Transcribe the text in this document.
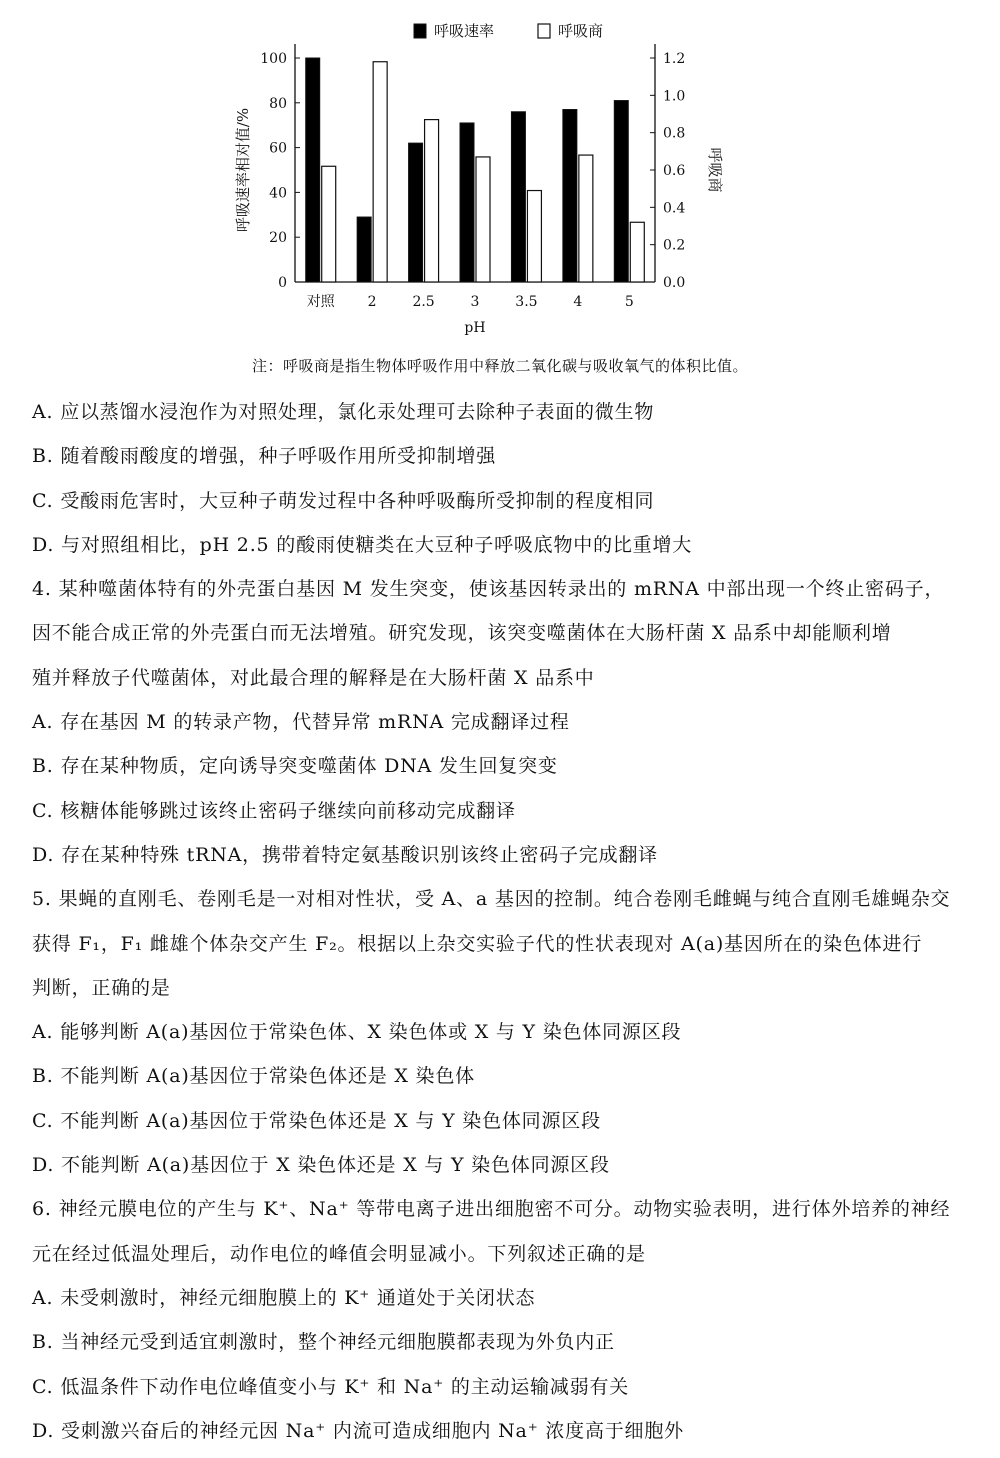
0
20
40
60
80
100
0.0
0.2
0.4
0.6
0.8
1.0
1.2
对照 2	2.5	3	3.5	4	5
pH
呼吸速率相对值/%	呼吸商
呼吸速率	呼吸商
注：呼吸商是指生物体呼吸作用中释放二氧化碳与吸收氧气的体积比值。
A. 应以蒸馏水浸泡作为对照处理，氯化汞处理可去除种子表面的微生物
B. 随着酸雨酸度的增强，种子呼吸作用所受抑制增强
C. 受酸雨危害时，大豆种子萌发过程中各种呼吸酶所受抑制的程度相同
D. 与对照组相比，pH 2.5 的酸雨使糖类在大豆种子呼吸底物中的比重增大
4. 某种噬菌体特有的外壳蛋白基因 M 发生突变，使该基因转录出的 mRNA 中部出现一个终止密码子，
因不能合成正常的外壳蛋白而无法增殖。研究发现，该突变噬菌体在大肠杆菌 X 品系中却能顺利增
殖并释放子代噬菌体，对此最合理的解释是在大肠杆菌 X 品系中
A. 存在基因 M 的转录产物，代替异常 mRNA 完成翻译过程
B. 存在某种物质，定向诱导突变噬菌体 DNA 发生回复突变
C. 核糖体能够跳过该终止密码子继续向前移动完成翻译
D. 存在某种特殊 tRNA，携带着特定氨基酸识别该终止密码子完成翻译
5. 果蝇的直刚毛、卷刚毛是一对相对性状，受 A、a 基因的控制。纯合卷刚毛雌蝇与纯合直刚毛雄蝇杂交
获得 F₁，F₁ 雌雄个体杂交产生 F₂。根据以上杂交实验子代的性状表现对 A(a)基因所在的染色体进行
判断，正确的是
A. 能够判断 A(a)基因位于常染色体、X 染色体或 X 与 Y 染色体同源区段
B. 不能判断 A(a)基因位于常染色体还是 X 染色体
C. 不能判断 A(a)基因位于常染色体还是 X 与 Y 染色体同源区段
D. 不能判断 A(a)基因位于 X 染色体还是 X 与 Y 染色体同源区段
6. 神经元膜电位的产生与 K⁺、Na⁺ 等带电离子进出细胞密不可分。动物实验表明，进行体外培养的神经
元在经过低温处理后，动作电位的峰值会明显减小。下列叙述正确的是
A. 未受刺激时，神经元细胞膜上的 K⁺ 通道处于关闭状态
B. 当神经元受到适宜刺激时，整个神经元细胞膜都表现为外负内正
C. 低温条件下动作电位峰值变小与 K⁺ 和 Na⁺ 的主动运输减弱有关
D. 受刺激兴奋后的神经元因 Na⁺ 内流可造成细胞内 Na⁺ 浓度高于细胞外
